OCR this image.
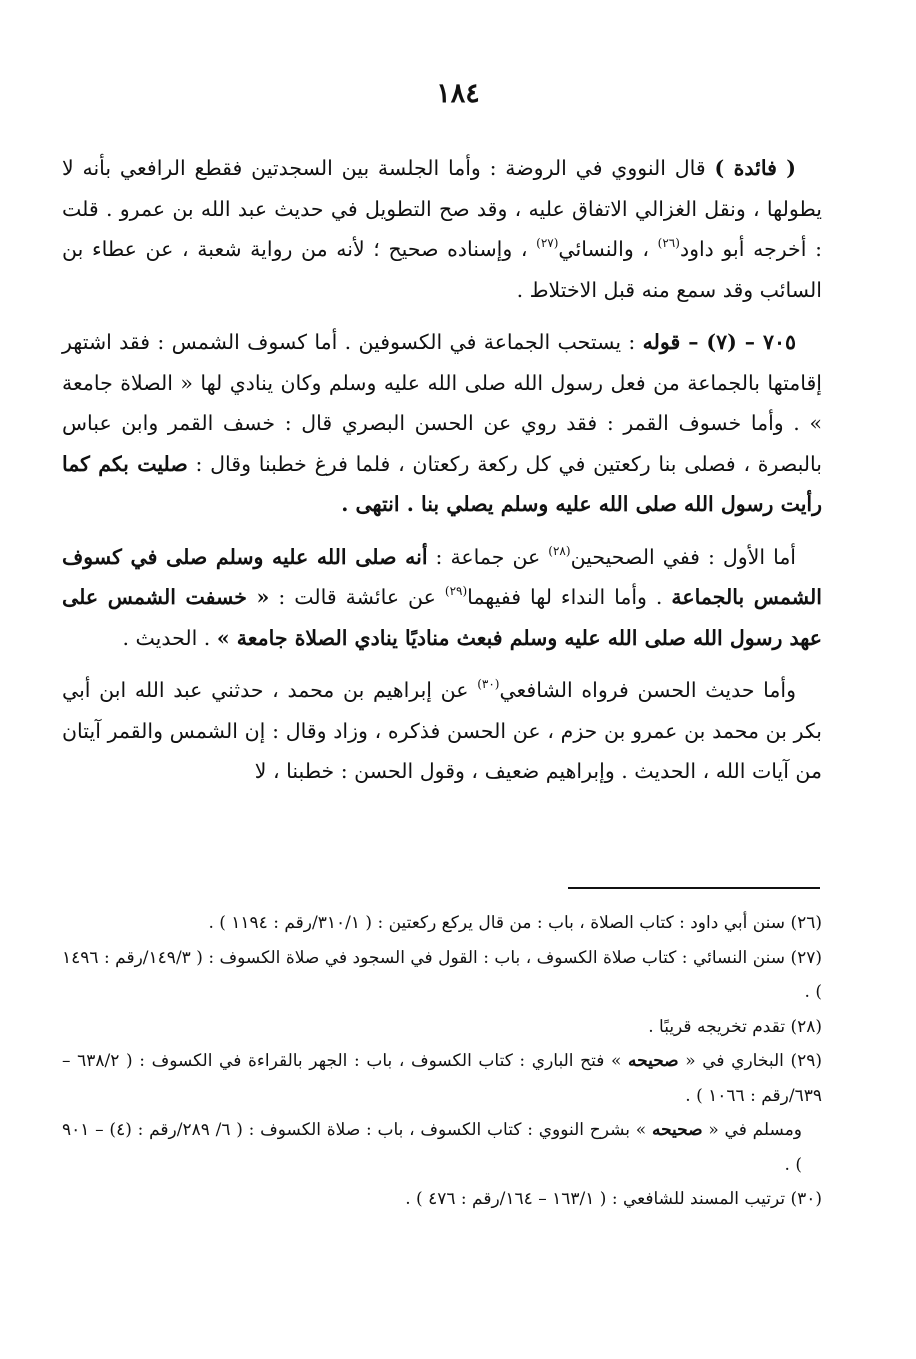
١٨٤

( فائدة ) قال النووي في الروضة : وأما الجلسة بين السجدتين فقطع الرافعي بأنه لا يطولها ، ونقل الغزالي الاتفاق عليه ، وقد صح التطويل في حديث عبد الله بن عمرو . قلت : أخرجه أبو داود$^{(٢٦)}$ ، والنسائي$^{(٢٧)}$ ، وإسناده صحيح ؛ لأنه من رواية شعبة ، عن عطاء بن السائب وقد سمع منه قبل الاختلاط .

٧٠٥ – (٧) – قوله : يستحب الجماعة في الكسوفين . أما كسوف الشمس : فقد اشتهر إقامتها بالجماعة من فعل رسول الله صلى الله عليه وسلم وكان ينادي لها « الصلاة جامعة » . وأما خسوف القمر : فقد روي عن الحسن البصري قال : خسف القمر وابن عباس بالبصرة ، فصلى بنا ركعتين في كل ركعة ركعتان ، فلما فرغ خطبنا وقال : صليت بكم كما رأيت رسول الله صلى الله عليه وسلم يصلي بنا . انتهى .

أما الأول : ففي الصحيحين$^{(٢٨)}$ عن جماعة : أنه صلى الله عليه وسلم صلى في كسوف الشمس بالجماعة . وأما النداء لها ففيهما$^{(٢٩)}$ عن عائشة قالت : « خسفت الشمس على عهد رسول الله صلى الله عليه وسلم فبعث مناديًا ينادي الصلاة جامعة » . الحديث .

وأما حديث الحسن فرواه الشافعي$^{(٣٠)}$ عن إبراهيم بن محمد ، حدثني عبد الله ابن أبي بكر بن محمد بن عمرو بن حزم ، عن الحسن فذكره ، وزاد وقال : إن الشمس والقمر آيتان من آيات الله ، الحديث . وإبراهيم ضعيف ، وقول الحسن : خطبنا ، لا

(٢٦) سنن أبي داود : كتاب الصلاة ، باب : من قال يركع ركعتين : ( ٣١٠/١/رقم : ١١٩٤ ) .

(٢٧) سنن النسائي : كتاب صلاة الكسوف ، باب : القول في السجود في صلاة الكسوف : ( ١٤٩/٣/رقم : ١٤٩٦ ) .

(٢٨) تقدم تخريجه قريبًا .

(٢٩) البخاري في « صحيحه » فتح الباري : كتاب الكسوف ، باب : الجهر بالقراءة في الكسوف : ( ٦٣٨/٢ – ٦٣٩/رقم : ١٠٦٦ ) .

ومسلم في « صحيحه » بشرح النووي : كتاب الكسوف ، باب : صلاة الكسوف : ( ٦/ ٢٨٩/رقم : (٤) – ٩٠١ ) .

(٣٠) ترتيب المسند للشافعي : ( ١٦٣/١ – ١٦٤/رقم : ٤٧٦ ) .
